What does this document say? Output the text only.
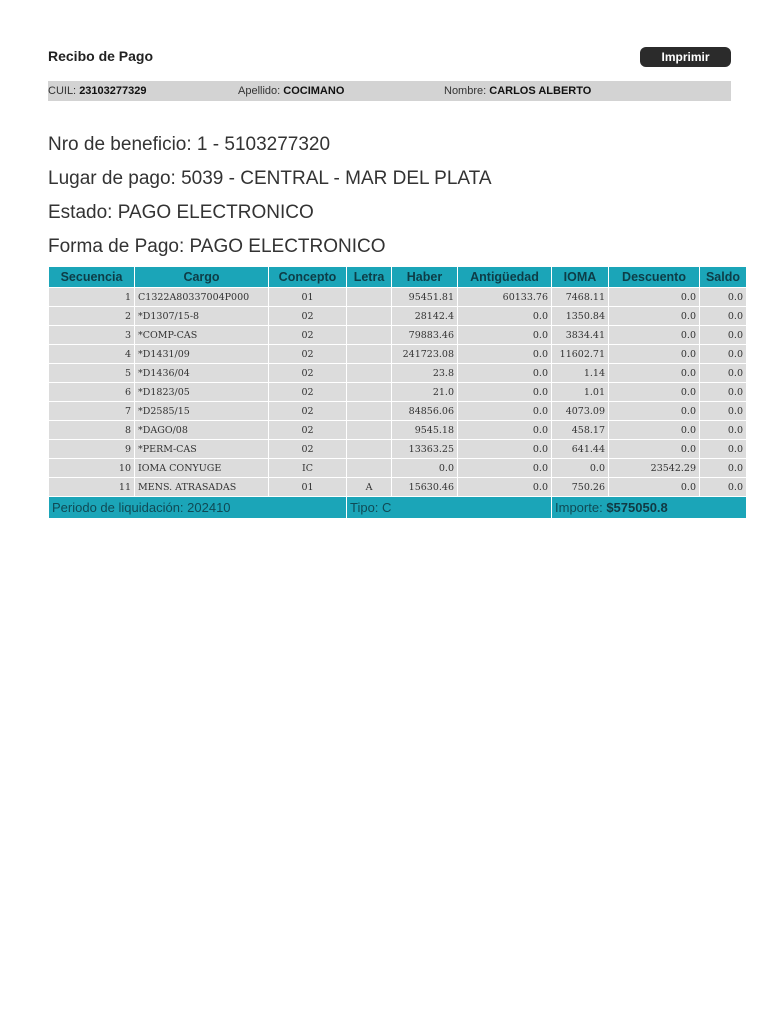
Recibo de Pago	Imprimir
CUIL: 23103277329	Apellido: COCIMANO	Nombre: CARLOS ALBERTO
Nro de beneficio: 1 - 5103277320
Lugar de pago: 5039 - CENTRAL - MAR DEL PLATA
Estado: PAGO ELECTRONICO
Forma de Pago: PAGO ELECTRONICO
Secuencia	Cargo	Concepto	Letra	Haber	Antigüedad	IOMA	Descuento	Saldo
1	C1322A80337004P000	01		95451.81	60133.76	7468.11	0.0	0.0
2	*D1307/15-8	02		28142.4	0.0	1350.84	0.0	0.0
3	*COMP-CAS	02		79883.46	0.0	3834.41	0.0	0.0
4	*D1431/09	02		241723.08	0.0	11602.71	0.0	0.0
5	*D1436/04	02		23.8	0.0	1.14	0.0	0.0
6	*D1823/05	02		21.0	0.0	1.01	0.0	0.0
7	*D2585/15	02		84856.06	0.0	4073.09	0.0	0.0
8	*DAGO/08	02		9545.18	0.0	458.17	0.0	0.0
9	*PERM-CAS	02		13363.25	0.0	641.44	0.0	0.0
10	IOMA CONYUGE	IC		0.0	0.0	0.0	23542.29	0.0
11	MENS. ATRASADAS	01	A	15630.46	0.0	750.26	0.0	0.0
Periodo de liquidación: 202410			Tipo: C			Importe: $575050.8		
